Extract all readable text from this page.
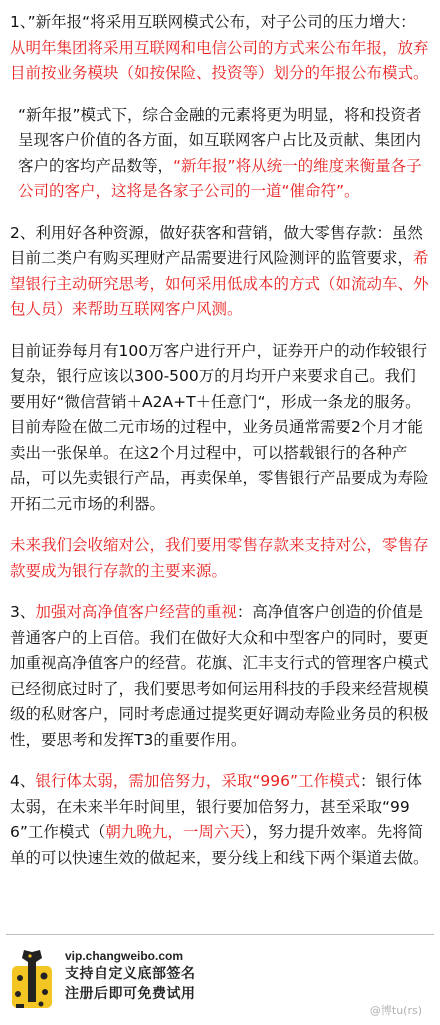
1、”新年报“将采用互联网模式公布，对子公司的压力增大：从明年集团将采用互联网和电信公司的方式来公布年报，放弃目前按业务模块（如按保险、投资等）划分的年报公布模式。

“新年报”模式下，综合金融的元素将更为明显，将和投资者呈现客户价值的各方面，如互联网客户占比及贡献、集团内客户的客均产品数等，“新年报”将从统一的维度来衡量各子公司的客户，这将是各家子公司的一道“催命符”。

2、利用好各种资源，做好获客和营销，做大零售存款：虽然目前二类户有购买理财产品需要进行风险测评的监管要求，希望银行主动研究思考，如何采用低成本的方式（如流动车、外包人员）来帮助互联网客户风测。

目前证券每月有100万客户进行开户，证券开户的动作较银行复杂，银行应该以300-500万的月均开户来要求自己。我们要用好“微信营销＋A2A+T＋任意门“，形成一条龙的服务。目前寿险在做二元市场的过程中，业务员通常需要2个月才能卖出一张保单。在这2个月过程中，可以搭载银行的各种产品，可以先卖银行产品，再卖保单，零售银行产品要成为寿险开拓二元市场的利器。

未来我们会收缩对公，我们要用零售存款来支持对公，零售存款要成为银行存款的主要来源。

3、加强对高净值客户经营的重视：高净值客户创造的价值是普通客户的上百倍。我们在做好大众和中型客户的同时，要更加重视高净值客户的经营。花旗、汇丰支行式的管理客户模式已经彻底过时了，我们要思考如何运用科技的手段来经营规模级的私财客户，同时考虑通过提奖更好调动寿险业务员的积极性，要思考和发挥T3的重要作用。

4、银行体太弱，需加倍努力，采取“996”工作模式：银行体太弱，在未来半年时间里，银行要加倍努力，甚至采取“996”工作模式（朝九晚九，一周六天），努力提升效率。先将简单的可以快速生效的做起来，要分线上和线下两个渠道去做。

vip.changweibo.com
支持自定义底部签名
注册后即可免费试用
@博tu(rs)
